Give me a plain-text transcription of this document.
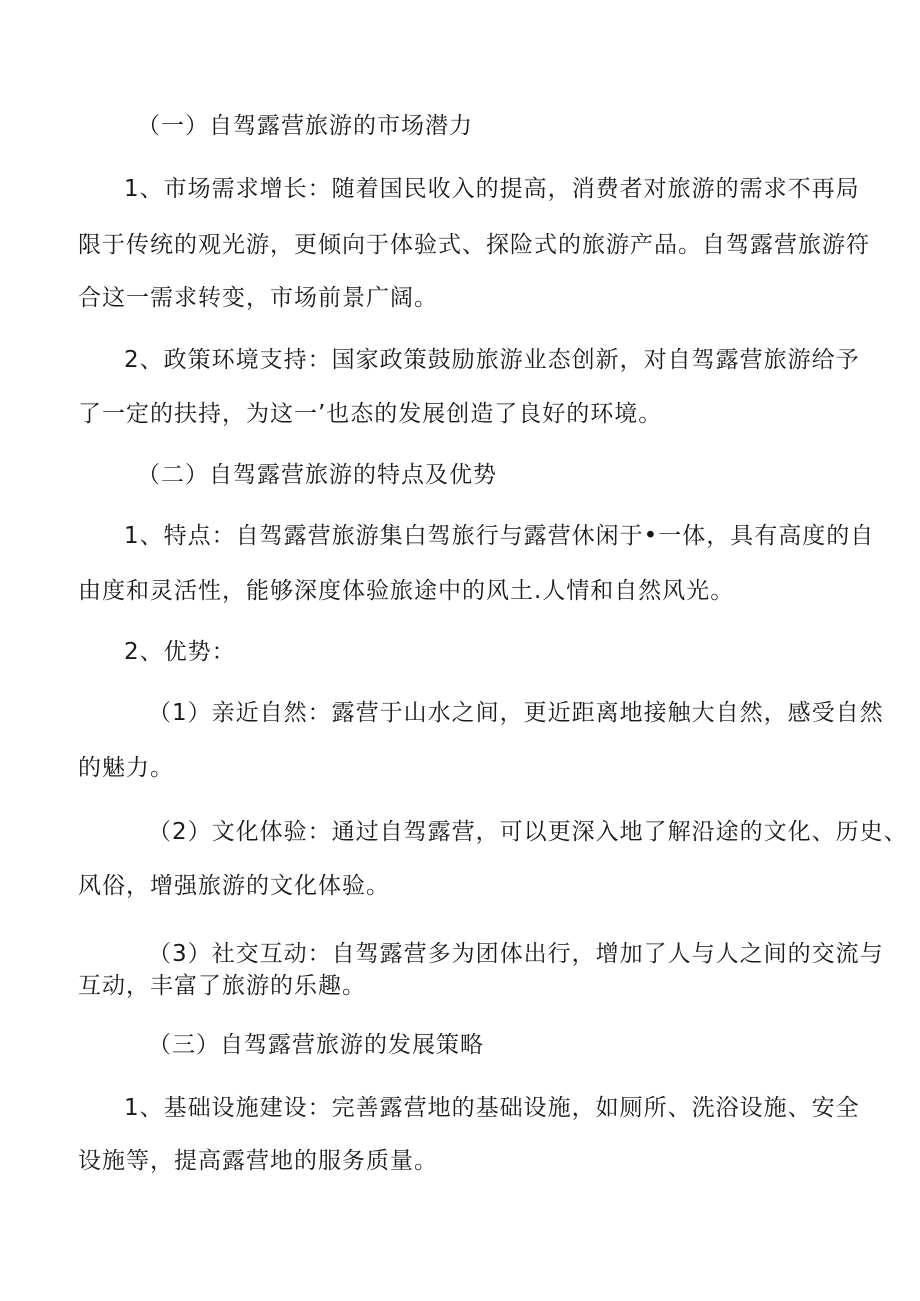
（一）自驾露营旅游的市场潜力
1、市场需求增长：随着国民收入的提高，消费者对旅游的需求不再局
限于传统的观光游，更倾向于体验式、探险式的旅游产品。自驾露营旅游符
合这一需求转变，市场前景广阔。
2、政策环境支持：国家政策鼓励旅游业态创新，对自驾露营旅游给予
了一定的扶持，为这一’也态的发展创造了良好的环境。
（二）自驾露营旅游的特点及优势
1、特点：自驾露营旅游集白驾旅行与露营休闲于•一体，具有高度的自
由度和灵活性，能够深度体验旅途中的风土.人情和自然风光。
2、优势：
（1）亲近自然：露营于山水之间，更近距离地接触大自然，感受自然
的魅力。
（2）文化体验：通过自驾露营，可以更深入地了解沿途的文化、历史、
风俗，增强旅游的文化体验。
（3）社交互动：自驾露营多为团体出行，增加了人与人之间的交流与
互动，丰富了旅游的乐趣。
（三）自驾露营旅游的发展策略
1、基础设施建设：完善露营地的基础设施，如厕所、洗浴设施、安全
设施等，提高露营地的服务质量。
